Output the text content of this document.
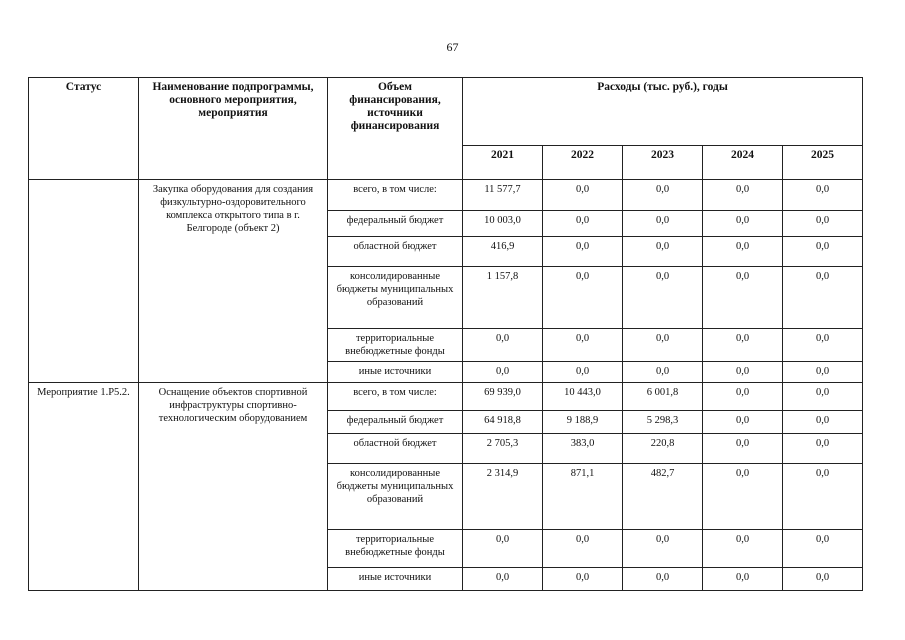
67
Статус	Наименование подпрограммы, основного мероприятия, мероприятия	Объем финансирования, источники финансирования	Расходы (тыс. руб.), годы				
			2021	2022	2023	2024	2025
	Закупка оборудования для создания физкультурно-оздоровительного комплекса открытого типа в г. Белгороде (объект 2)	всего, в том числе:	11 577,7	0,0	0,0	0,0	0,0
		федеральный бюджет	10 003,0	0,0	0,0	0,0	0,0
		областной бюджет	416,9	0,0	0,0	0,0	0,0
		консолидированные бюджеты муниципальных образований	1 157,8	0,0	0,0	0,0	0,0
		территориальные внебюджетные фонды	0,0	0,0	0,0	0,0	0,0
		иные источники	0,0	0,0	0,0	0,0	0,0
Мероприятие 1.Р5.2.	Оснащение объектов спортивной инфраструктуры спортивно-технологическим оборудованием	всего, в том числе:	69 939,0	10 443,0	6 001,8	0,0	0,0
		федеральный бюджет	64 918,8	9 188,9	5 298,3	0,0	0,0
		областной бюджет	2 705,3	383,0	220,8	0,0	0,0
		консолидированные бюджеты муниципальных образований	2 314,9	871,1	482,7	0,0	0,0
		территориальные внебюджетные фонды	0,0	0,0	0,0	0,0	0,0
		иные источники	0,0	0,0	0,0	0,0	0,0
